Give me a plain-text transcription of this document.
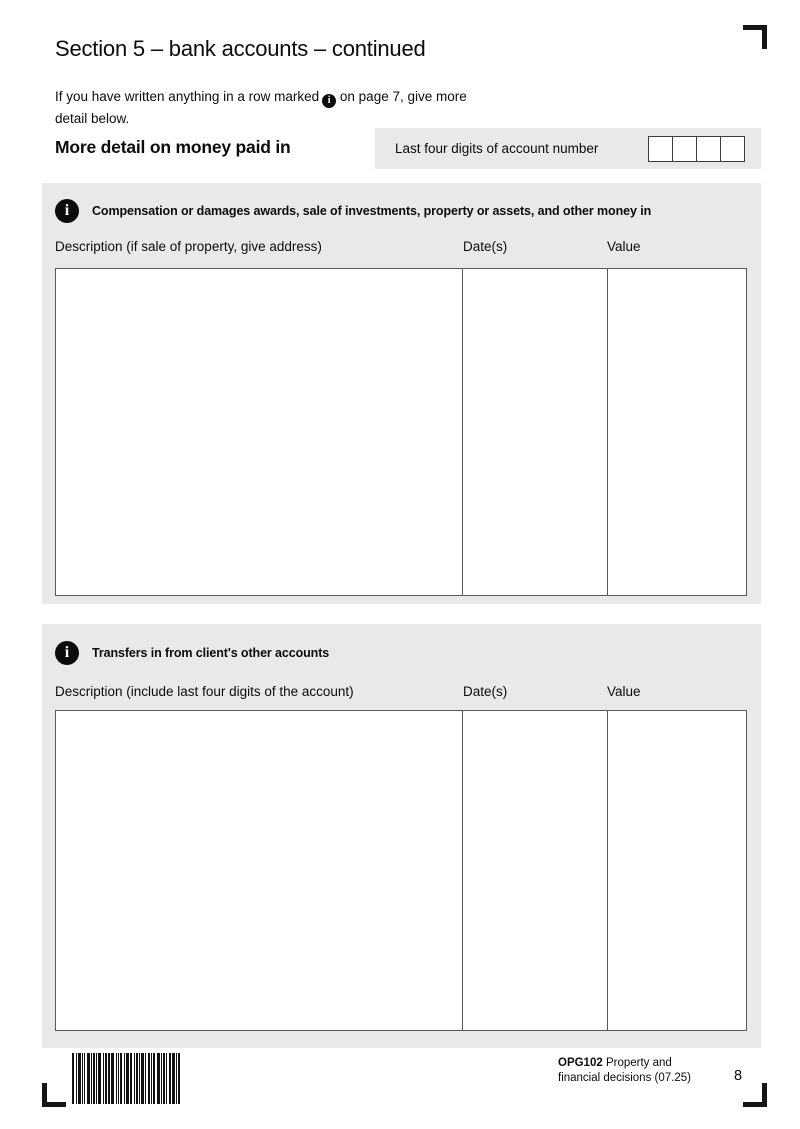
Section 5 – bank accounts – continued

If you have written anything in a row marked i on page 7, give more
detail below.

More detail on money paid in	Last four digits of account number
i Compensation or damages awards, sale of investments, property or assets, and other money in
Description (if sale of property, give address)	Date(s)	Value
i Transfers in from client's other accounts
Description (include last four digits of the account)	Date(s)	Value
OPG102 Property and
financial decisions (07.25)	8
